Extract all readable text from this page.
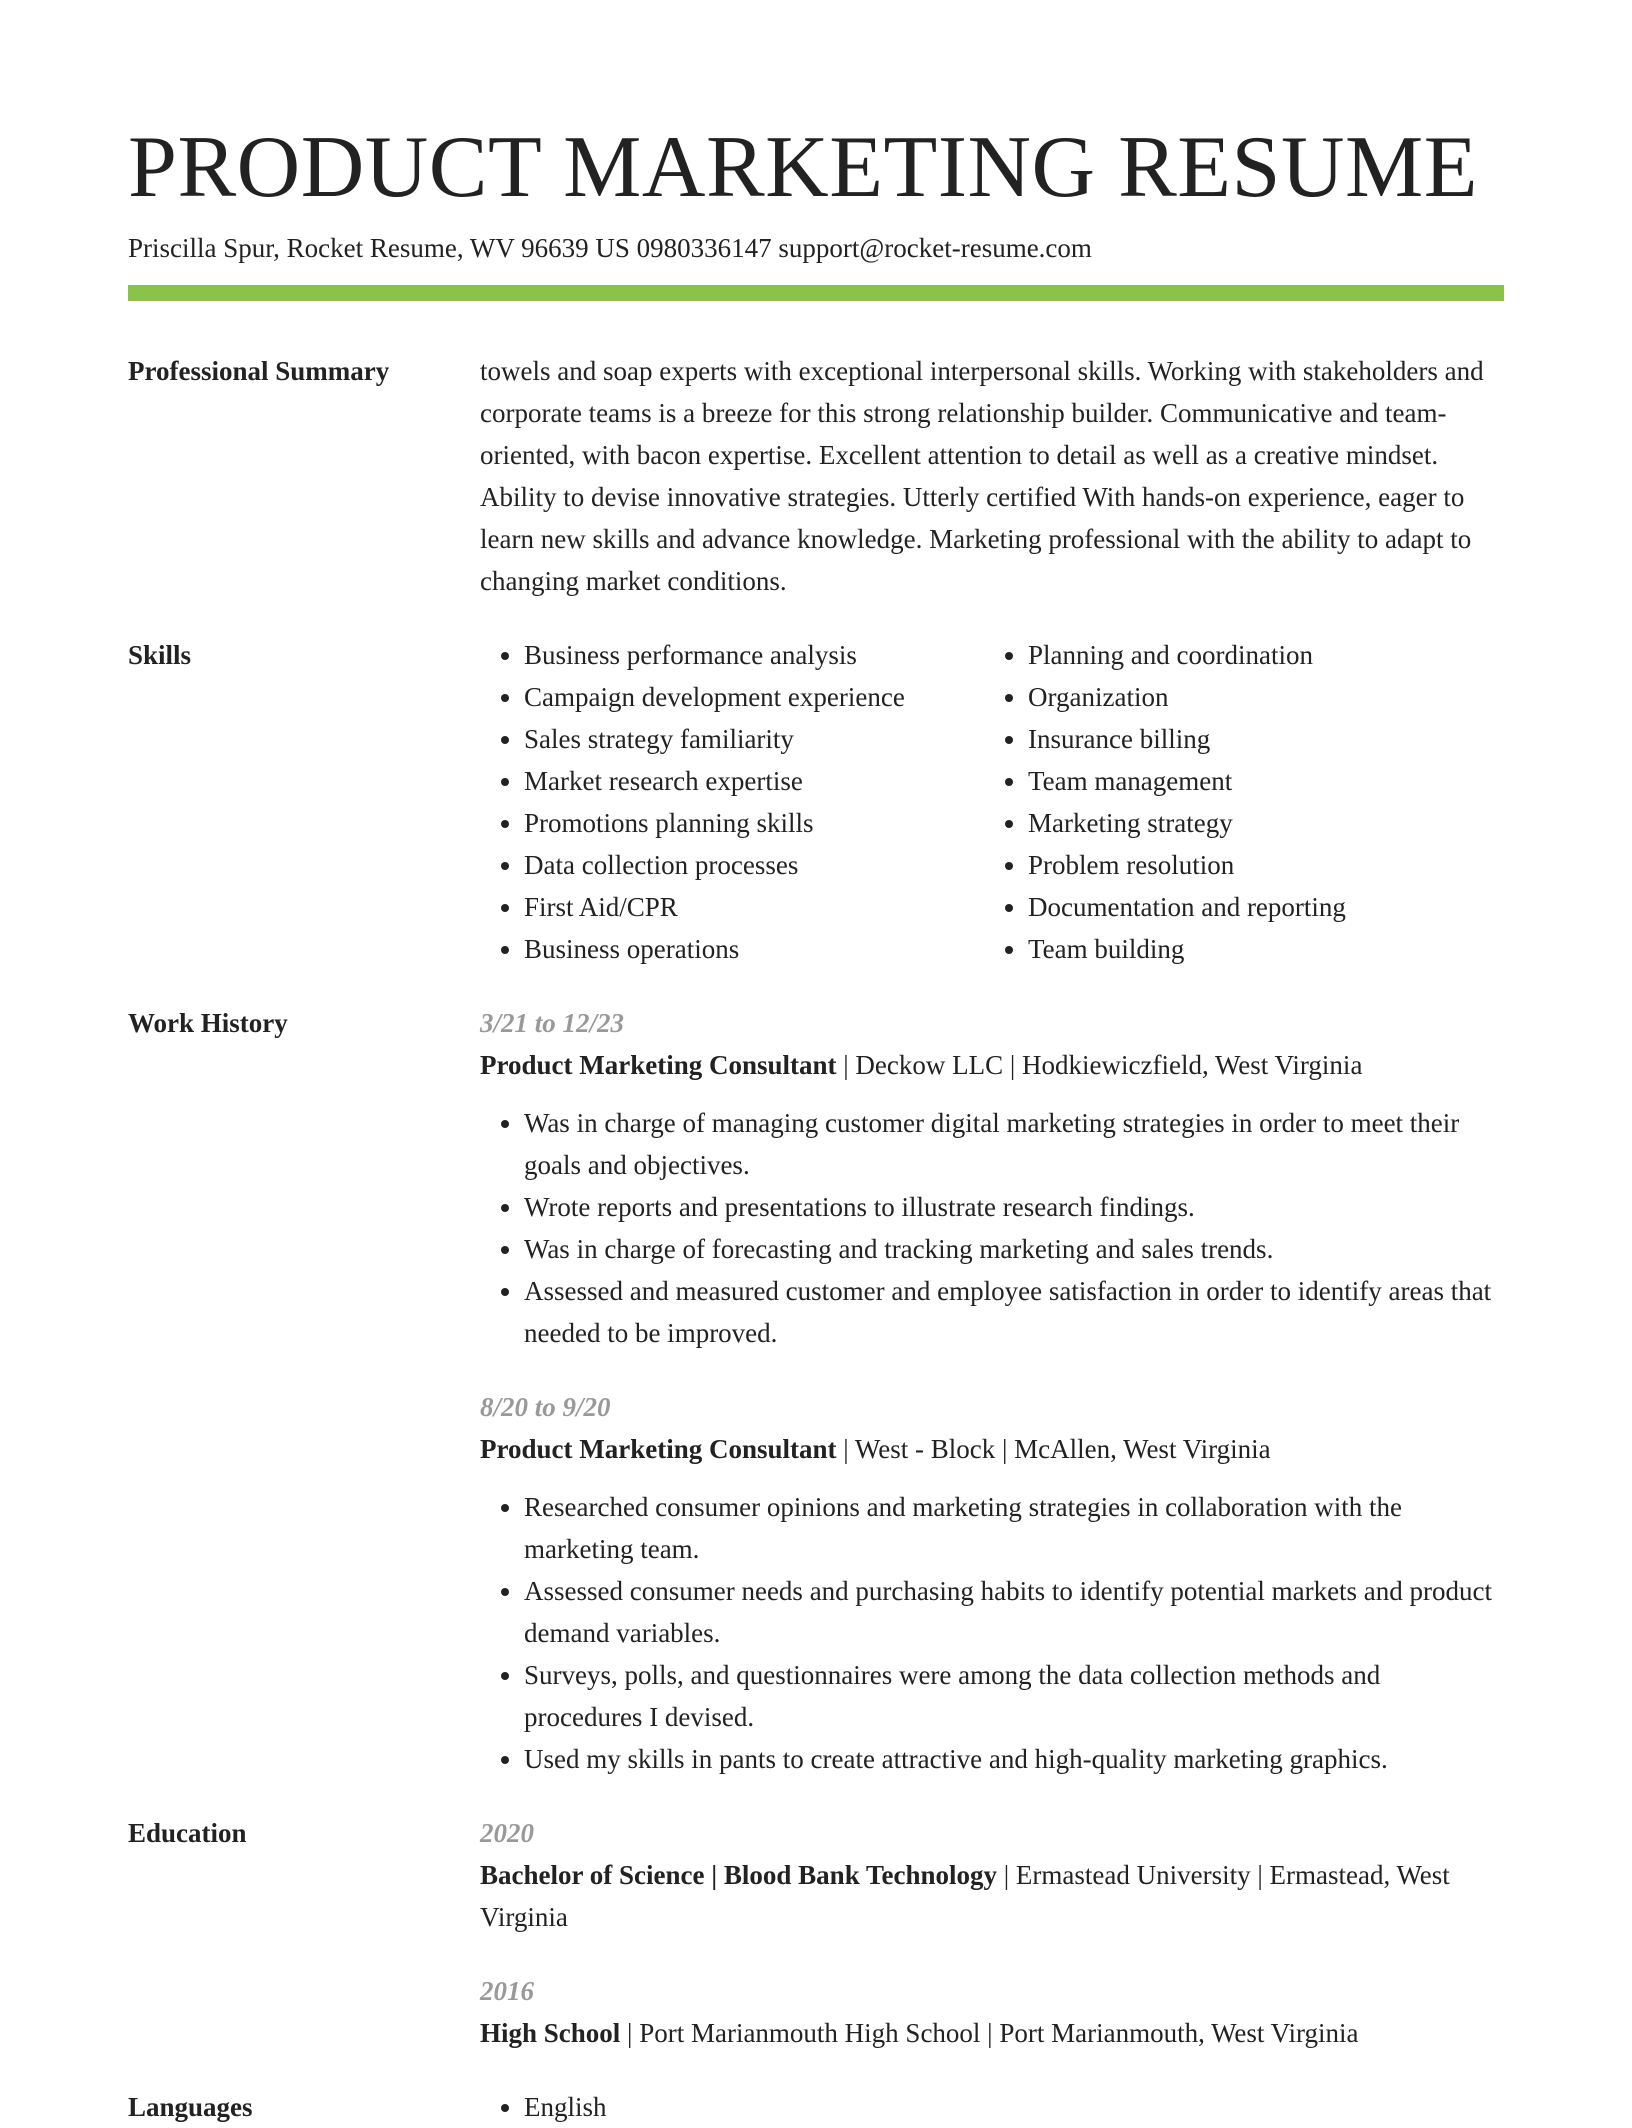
PRODUCT MARKETING RESUME
Priscilla Spur, Rocket Resume, WV 96639 US 0980336147 support@rocket-resume.com
Professional Summary	towels and soap experts with exceptional interpersonal skills. Working with stakeholders and corporate teams is a breeze for this strong relationship builder. Communicative and team-oriented, with bacon expertise. Excellent attention to detail as well as a creative mindset. Ability to devise innovative strategies. Utterly certified With hands-on experience, eager to learn new skills and advance knowledge. Marketing professional with the ability to adapt to changing market conditions.

Skills	• Business performance analysis
• Campaign development experience
• Sales strategy familiarity
• Market research expertise
• Promotions planning skills
• Data collection processes
• First Aid/CPR
• Business operations
• Planning and coordination
• Organization
• Insurance billing
• Team management
• Marketing strategy
• Problem resolution
• Documentation and reporting
• Team building
Work History	3/21 to 12/23
Product Marketing Consultant | Deckow LLC | Hodkiewiczfield, West Virginia
• Was in charge of managing customer digital marketing strategies in order to meet their goals and objectives.
• Wrote reports and presentations to illustrate research findings.
• Was in charge of forecasting and tracking marketing and sales trends.
• Assessed and measured customer and employee satisfaction in order to identify areas that needed to be improved.
8/20 to 9/20
Product Marketing Consultant | West - Block | McAllen, West Virginia
• Researched consumer opinions and marketing strategies in collaboration with the marketing team.
• Assessed consumer needs and purchasing habits to identify potential markets and product demand variables.
• Surveys, polls, and questionnaires were among the data collection methods and procedures I devised.
• Used my skills in pants to create attractive and high-quality marketing graphics.
Education	2020
Bachelor of Science | Blood Bank Technology | Ermastead University | Ermastead, West Virginia
2016
High School | Port Marianmouth High School | Port Marianmouth, West Virginia
Languages	• English
